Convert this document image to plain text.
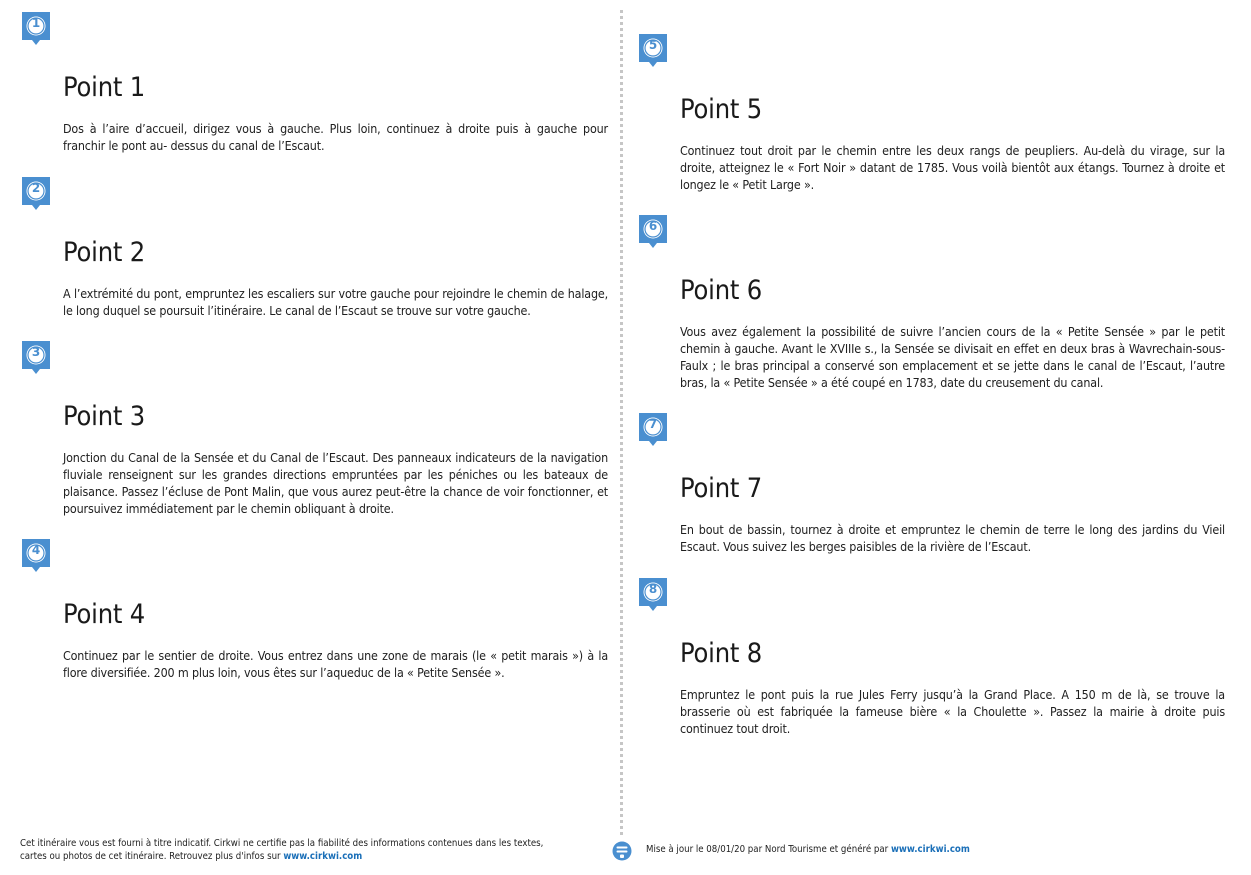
1
Point 1
Dos à l’aire d’accueil, dirigez vous à gauche. Plus loin, continuez à droite puis à gauche pour franchir le pont au- dessus du canal de l’Escaut.
2
Point 2
A l’extrémité du pont, empruntez les escaliers sur votre gauche pour rejoindre le chemin de halage, le long duquel se poursuit l’itinéraire. Le canal de l’Escaut se trouve sur votre gauche.
3
Point 3
Jonction du Canal de la Sensée et du Canal de l’Escaut. Des panneaux indicateurs de la navigation fluviale renseignent sur les grandes directions empruntées par les péniches ou les bateaux de plaisance. Passez l’écluse de Pont Malin, que vous aurez peut-être la chance de voir fonctionner, et poursuivez immédiatement par le chemin obliquant à droite.
4
Point 4
Continuez par le sentier de droite. Vous entrez dans une zone de marais (le « petit marais ») à la flore diversifiée. 200 m plus loin, vous êtes sur l’aqueduc de la « Petite Sensée ».
5
Point 5
Continuez tout droit par le chemin entre les deux rangs de peupliers. Au-delà du virage, sur la droite, atteignez le « Fort Noir » datant de 1785. Vous voilà bientôt aux étangs. Tournez à droite et longez le « Petit Large ».
6
Point 6
Vous avez également la possibilité de suivre l’ancien cours de la « Petite Sensée » par le petit chemin à gauche. Avant le XVIIIe s., la Sensée se divisait en effet en deux bras à Wavrechain-sous-Faulx ; le bras principal a conservé son emplacement et se jette dans le canal de l’Escaut, l’autre bras, la « Petite Sensée » a été coupé en 1783, date du creusement du canal.
7
Point 7
En bout de bassin, tournez à droite et empruntez le chemin de terre le long des jardins du Vieil Escaut. Vous suivez les berges paisibles de la rivière de l’Escaut.
8
Point 8
Empruntez le pont puis la rue Jules Ferry jusqu’à la Grand Place. A 150 m de là, se trouve la brasserie où est fabriquée la fameuse bière « la Choulette ». Passez la mairie à droite puis continuez tout droit.
Cet itinéraire vous est fourni à titre indicatif. Cirkwi ne certifie pas la fiabilité des informations contenues dans les textes, cartes ou photos de cet itinéraire. Retrouvez plus d'infos sur www.cirkwi.com
Mise à jour le 08/01/20 par Nord Tourisme et généré par www.cirkwi.com
